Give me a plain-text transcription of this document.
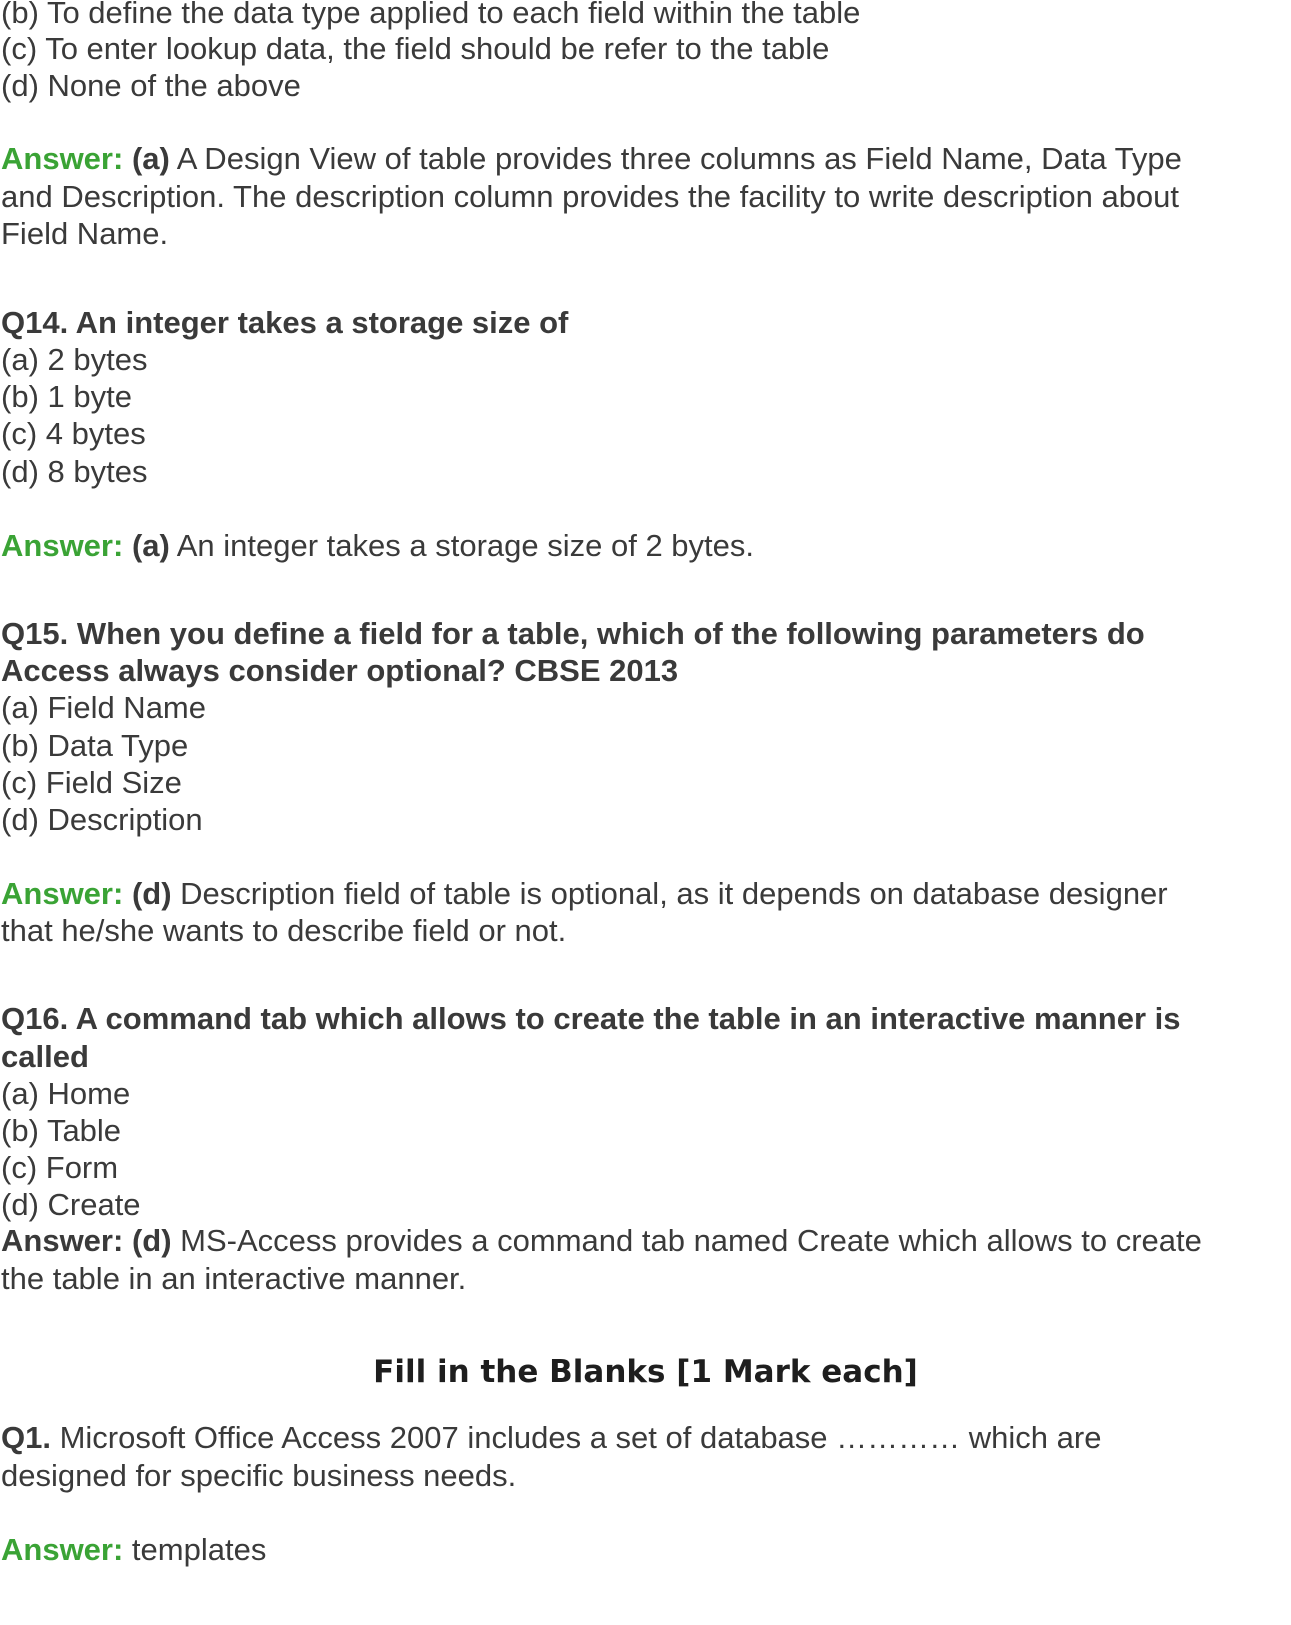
(b) To define the data type applied to each field within the table

(c) To enter lookup data, the field should be refer to the table

(d) None of the above

Answer: (a) A Design View of table provides three columns as Field Name, Data Type

and Description. The description column provides the facility to write description about

Field Name.

Q14. An integer takes a storage size of

(a) 2 bytes

(b) 1 byte

(c) 4 bytes

(d) 8 bytes

Answer: (a) An integer takes a storage size of 2 bytes.

Q15. When you define a field for a table, which of the following parameters do

Access always consider optional? CBSE 2013

(a) Field Name

(b) Data Type

(c) Field Size

(d) Description

Answer: (d) Description field of table is optional, as it depends on database designer

that he/she wants to describe field or not.

Q16. A command tab which allows to create the table in an interactive manner is

called

(a) Home

(b) Table

(c) Form

(d) Create

Answer: (d) MS-Access provides a command tab named Create which allows to create

the table in an interactive manner.

Fill in the Blanks [1 Mark each]

Q1. Microsoft Office Access 2007 includes a set of database ………… which are

designed for specific business needs.

Answer: templates
